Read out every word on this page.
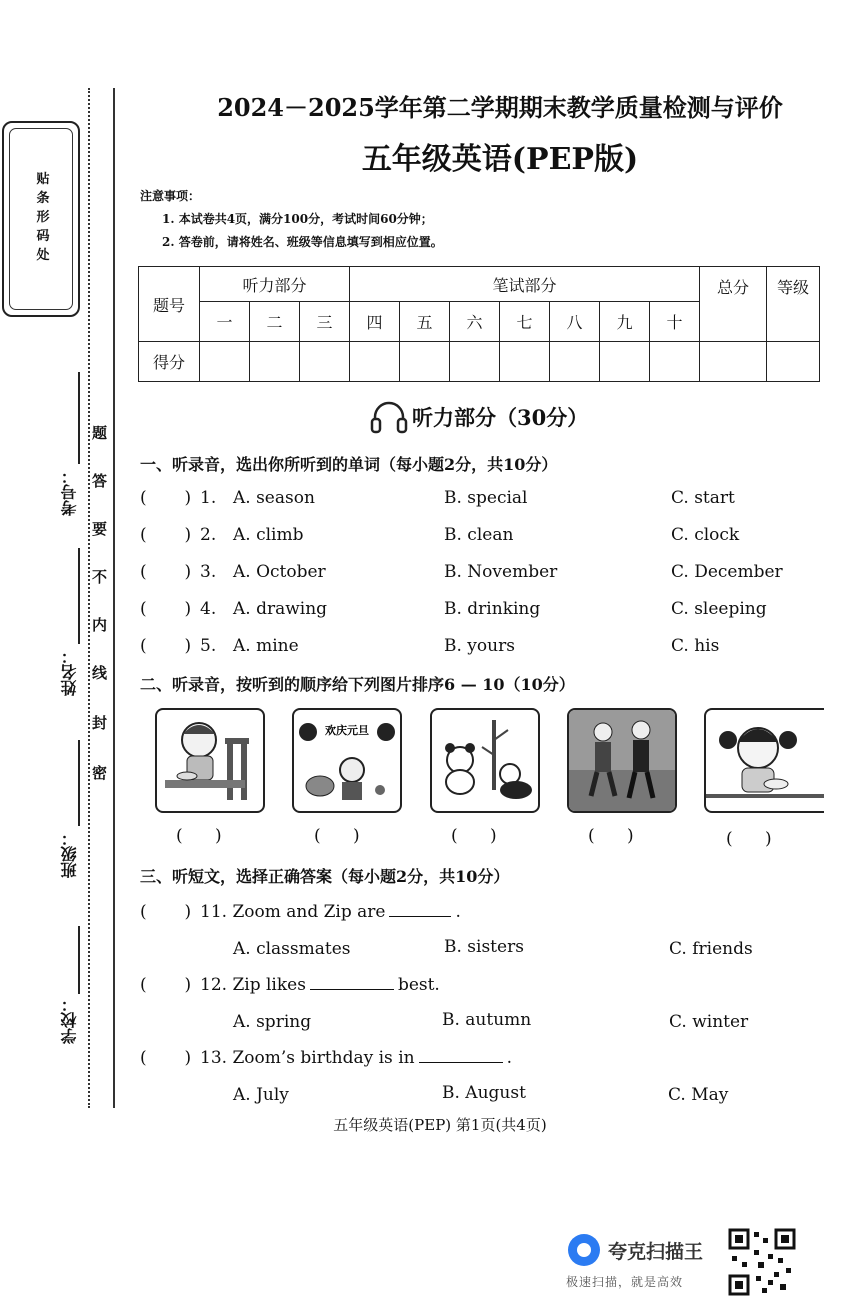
贴条形码处
考号：
姓名：
班级：
学校：
题
答
要
不
内
线
封
密
2024－2025学年第二学期期末教学质量检测与评价
五年级英语(PEP版)
注意事项：
1. 本试卷共4页，满分100分，考试时间60分钟；
2. 答卷前，请将姓名、班级等信息填写到相应位置。
题号	听力部分			笔试部分							总分	等级
	一	二	三	四	五	六	七	八	九	十		
得分												
听力部分（30分）
一、听录音，选出你所听到的单词（每小题2分，共10分）
(       ) 1. A. season	B. special	C. start
(       ) 2. A. climb	B. clean	C. clock
(       ) 3. A. October	B. November	C. December
(       ) 4. A. drawing	B. drinking	C. sleeping
(       ) 5. A. mine	B. yours	C. his
二、听录音，按听到的顺序给下列图片排序6 — 10（10分）
欢庆元旦
(      )	(      )	(      )	(      )	(      )
三、听短文，选择正确答案（每小题2分，共10分）
(       ) 11. Zoom and Zip are	.
A. classmates	B. sisters	C. friends
(       ) 12. Zip likes	best.
A. spring	B. autumn	C. winter
(       ) 13. Zoom’s birthday is in	.
A. July	B. August	C. May
五年级英语(PEP) 第1页(共4页)
夸克扫描王
极速扫描，就是高效
